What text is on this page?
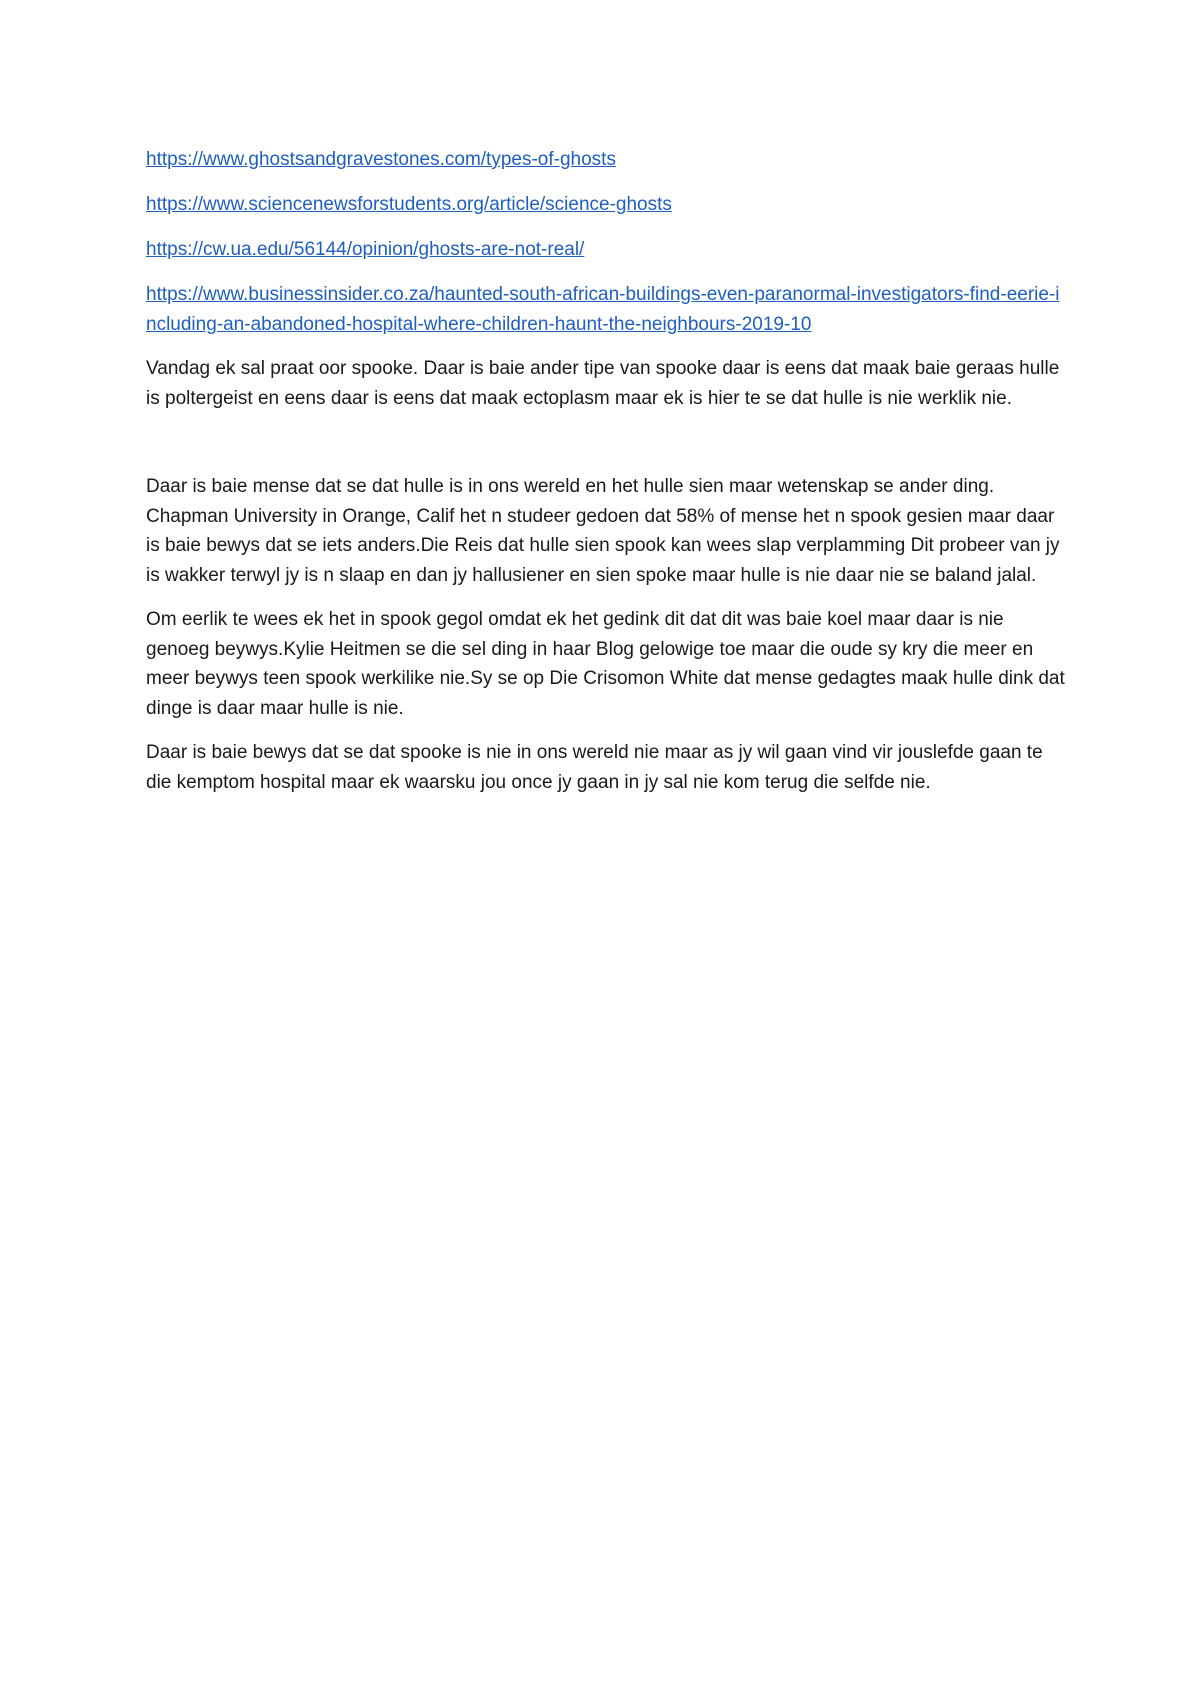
https://www.ghostsandgravestones.com/types-of-ghosts
https://www.sciencenewsforstudents.org/article/science-ghosts
https://cw.ua.edu/56144/opinion/ghosts-are-not-real/
https://www.businessinsider.co.za/haunted-south-african-buildings-even-paranormal-investigators-find-eerie-including-an-abandoned-hospital-where-children-haunt-the-neighbours-2019-10

Vandag ek sal praat oor spooke. Daar is baie ander tipe van spooke daar is eens dat maak baie geraas hulle is poltergeist en eens daar is eens dat maak ectoplasm maar ek is hier te se dat hulle is nie werklik nie.

Daar is baie mense dat se dat hulle is in ons wereld en het hulle sien maar wetenskap se ander ding. Chapman University in Orange, Calif het n studeer gedoen dat 58% of mense het n spook gesien maar daar is baie bewys dat se iets anders.Die Reis dat hulle sien spook kan wees slap verplamming Dit probeer van jy is wakker terwyl jy is n slaap en dan jy hallusiener en sien spoke maar hulle is nie daar nie se baland jalal.

Om eerlik te wees ek het in spook gegol omdat ek het gedink dit dat dit was baie koel maar daar is nie genoeg beywys.Kylie Heitmen se die sel ding in haar Blog gelowige toe maar die oude sy kry die meer en meer beywys teen spook werkilike nie.Sy se op Die Crisomon White dat mense gedagtes maak hulle dink dat dinge is daar maar hulle is nie.

Daar is baie bewys dat se dat spooke is nie in ons wereld nie maar as jy wil gaan vind vir jouslefde gaan te die kemptom hospital maar ek waarsku jou once jy gaan in jy sal nie kom terug die selfde nie.
